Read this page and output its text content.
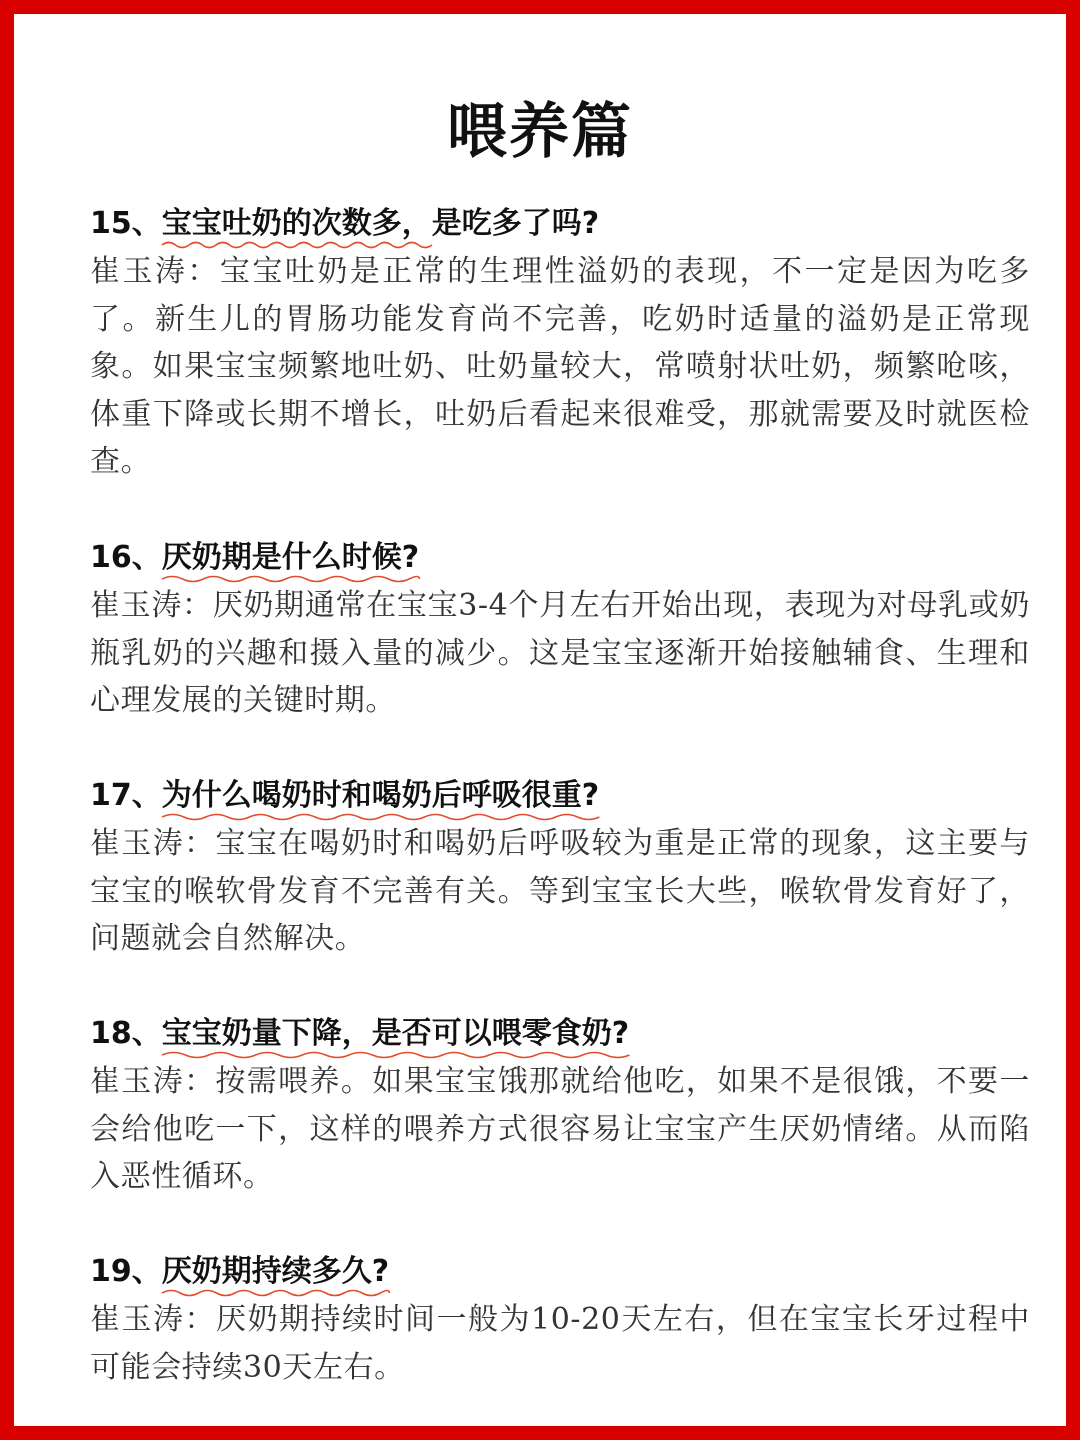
喂养篇
15、宝宝吐奶的次数多，
是吃多了吗?
崔玉涛：宝宝吐奶是正常的生理性溢奶的表现，不一定是因为吃多了。新生儿的胃肠功能发育尚不完善，吃奶时适量的溢奶是正常现象。如果宝宝频繁地吐奶、吐奶量较大，常喷射状吐奶，频繁呛咳，体重下降或长期不增长，吐奶后看起来很难受，那就需要及时就医检查。
16、厌奶期是什么时候?
崔玉涛：厌奶期通常在宝宝3-4个月左右开始出现，表现为对母乳或奶瓶乳奶的兴趣和摄入量的减少。这是宝宝逐渐开始接触辅食、生理和心理发展的关键时期。
17、为什么喝奶时和喝奶后呼吸很重?
崔玉涛：宝宝在喝奶时和喝奶后呼吸较为重是正常的现象，这主要与宝宝的喉软骨发育不完善有关。等到宝宝长大些，喉软骨发育好了，问题就会自然解决。
18、宝宝奶量下降，是否可以喂零食奶?
崔玉涛：按需喂养。如果宝宝饿那就给他吃，如果不是很饿，不要一会给他吃一下，这样的喂养方式很容易让宝宝产生厌奶情绪。从而陷入恶性循环。
19、厌奶期持续多久?
崔玉涛：厌奶期持续时间一般为10-20天左右，但在宝宝长牙过程中可能会持续30天左右。
